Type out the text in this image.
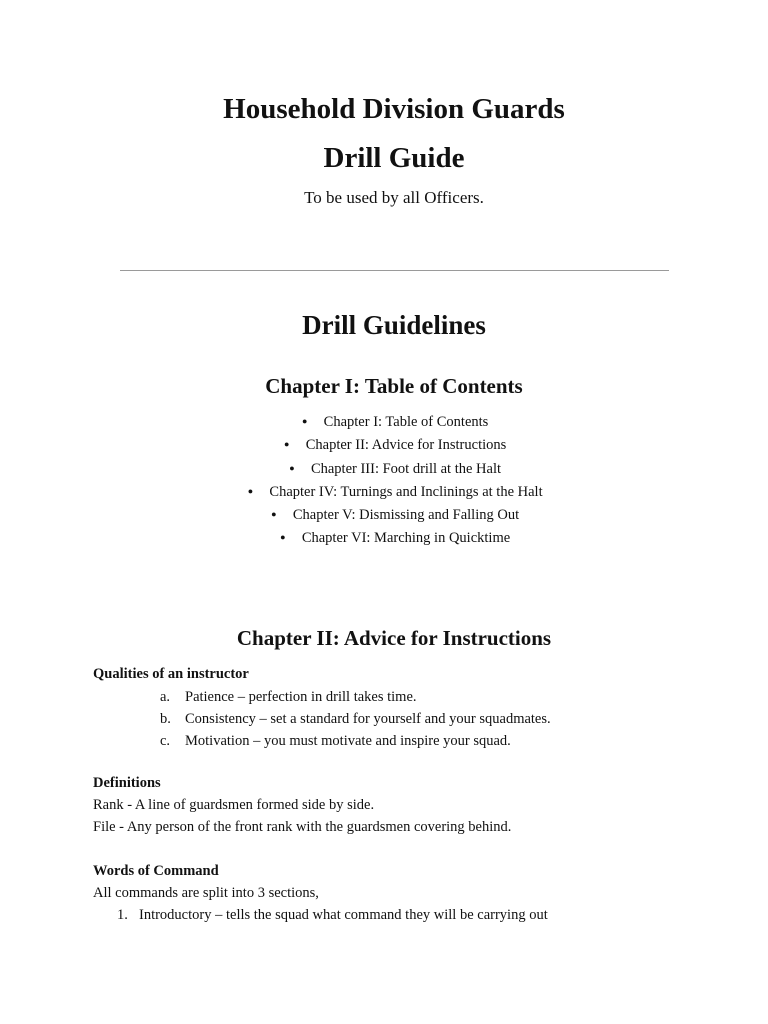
Household Division Guards
Drill Guide

To be used by all Officers.

Drill Guidelines
Chapter I: Table of Contents
● Chapter I: Table of Contents
● Chapter II: Advice for Instructions
● Chapter III: Foot drill at the Halt
● Chapter IV: Turnings and Inclinings at the Halt
● Chapter V: Dismissing and Falling Out
● Chapter VI: Marching in Quicktime
Chapter II: Advice for Instructions

Qualities of an instructor

a. Patience – perfection in drill takes time.
b. Consistency – set a standard for yourself and your squadmates.
c. Motivation – you must motivate and inspire your squad.

Definitions

Rank - A line of guardsmen formed side by side.

File - Any person of the front rank with the guardsmen covering behind.

Words of Command

All commands are split into 3 sections,

1. Introductory – tells the squad what command they will be carrying out
